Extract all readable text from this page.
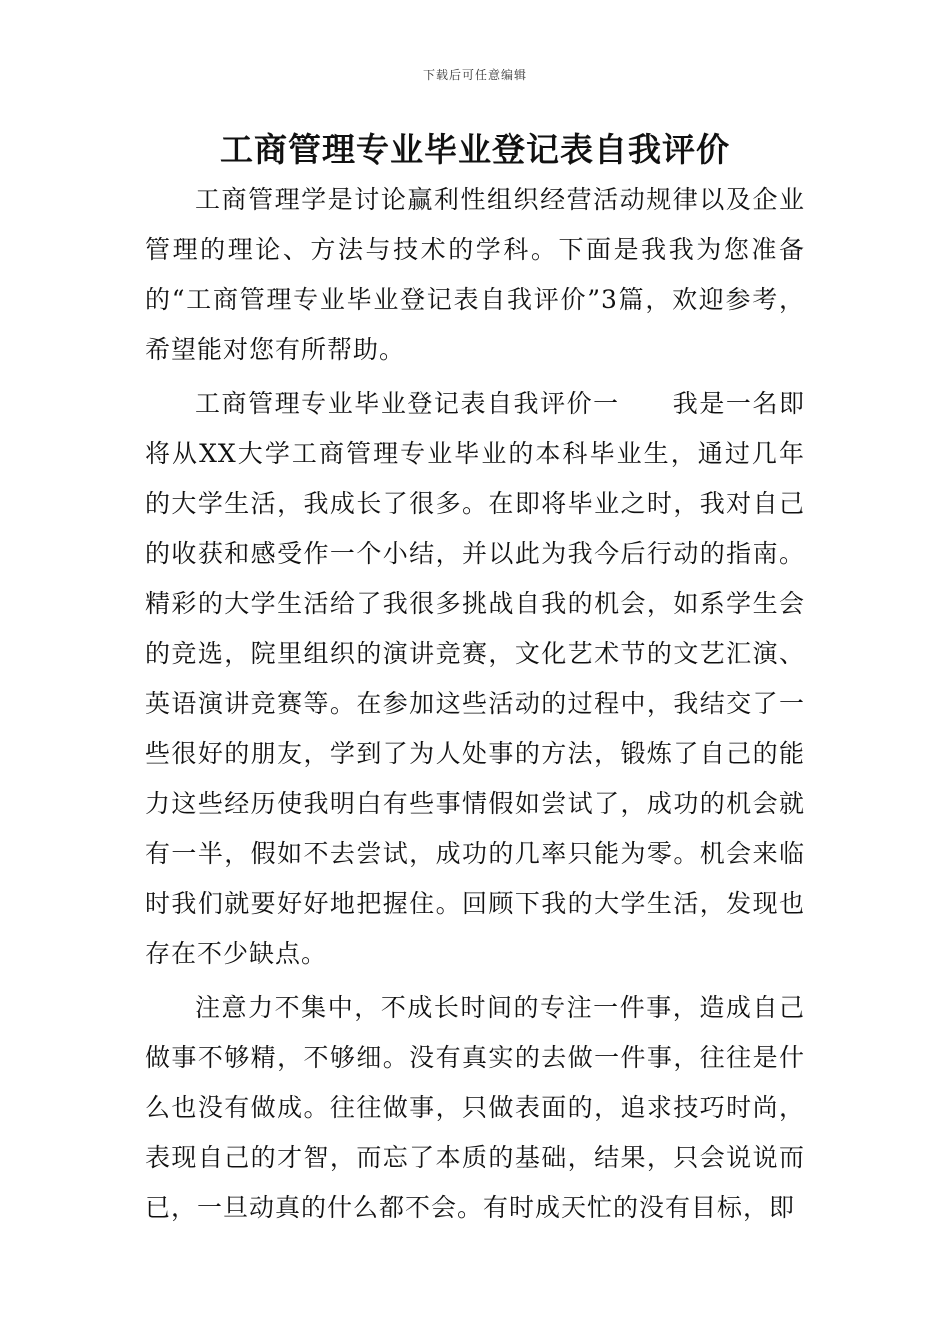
下载后可任意编辑
工商管理专业毕业登记表自我评价

工商管理学是讨论赢利性组织经营活动规律以及企业管理的理论、方法与技术的学科。下面是我我为您准备的“工商管理专业毕业登记表自我评价”3篇，欢迎参考，希望能对您有所帮助。

工商管理专业毕业登记表自我评价一　　我是一名即将从XX大学工商管理专业毕业的本科毕业生，通过几年的大学生活，我成长了很多。在即将毕业之时，我对自己的收获和感受作一个小结，并以此为我今后行动的指南。精彩的大学生活给了我很多挑战自我的机会，如系学生会的竞选，院里组织的演讲竞赛，文化艺术节的文艺汇演、英语演讲竞赛等。在参加这些活动的过程中，我结交了一些很好的朋友，学到了为人处事的方法，锻炼了自己的能力这些经历使我明白有些事情假如尝试了，成功的机会就有一半，假如不去尝试，成功的几率只能为零。机会来临时我们就要好好地把握住。回顾下我的大学生活，发现也存在不少缺点。

注意力不集中，不成长时间的专注一件事，造成自己做事不够精，不够细。没有真实的去做一件事，往往是什么也没有做成。往往做事，只做表面的，追求技巧时尚，表现自己的才智，而忘了本质的基础，结果，只会说说而已，一旦动真的什么都不会。有时成天忙的没有目标，即
